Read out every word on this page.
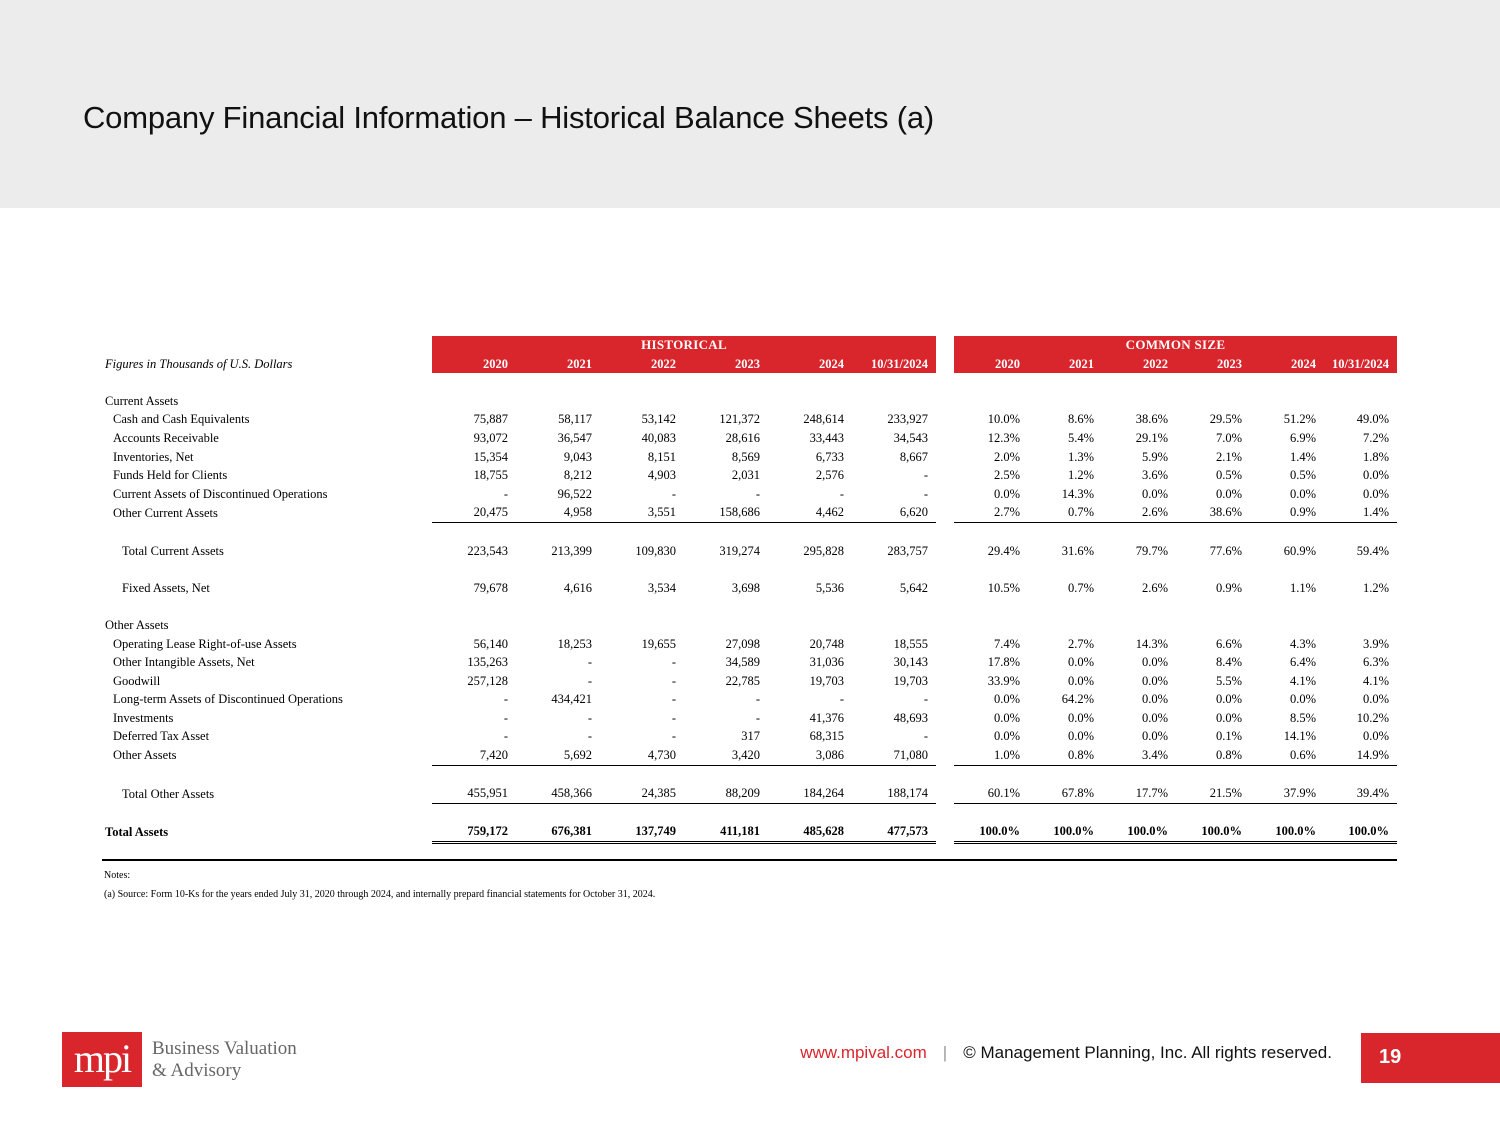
Company Financial Information – Historical Balance Sheets (a)
	HISTORICAL							COMMON SIZE					
Figures in Thousands of U.S. Dollars	2020	2021	2022	2023	2024	10/31/2024		2020	2021	2022	2023	2024	10/31/2024

Current Assets													
Cash and Cash Equivalents	75,887	58,117	53,142	121,372	248,614	233,927		10.0%	8.6%	38.6%	29.5%	51.2%	49.0%
Accounts Receivable	93,072	36,547	40,083	28,616	33,443	34,543		12.3%	5.4%	29.1%	7.0%	6.9%	7.2%
Inventories, Net	15,354	9,043	8,151	8,569	6,733	8,667		2.0%	1.3%	5.9%	2.1%	1.4%	1.8%
Funds Held for Clients	18,755	8,212	4,903	2,031	2,576	-		2.5%	1.2%	3.6%	0.5%	0.5%	0.0%
Current Assets of Discontinued Operations	-	96,522	-	-	-	-		0.0%	14.3%	0.0%	0.0%	0.0%	0.0%
Other Current Assets	20,475	4,958	3,551	158,686	4,462	6,620		2.7%	0.7%	2.6%	38.6%	0.9%	1.4%

Total Current Assets	223,543	213,399	109,830	319,274	295,828	283,757		29.4%	31.6%	79.7%	77.6%	60.9%	59.4%

Fixed Assets, Net	79,678	4,616	3,534	3,698	5,536	5,642		10.5%	0.7%	2.6%	0.9%	1.1%	1.2%

Other Assets													
Operating Lease Right-of-use Assets	56,140	18,253	19,655	27,098	20,748	18,555		7.4%	2.7%	14.3%	6.6%	4.3%	3.9%
Other Intangible Assets, Net	135,263	-	-	34,589	31,036	30,143		17.8%	0.0%	0.0%	8.4%	6.4%	6.3%
Goodwill	257,128	-	-	22,785	19,703	19,703		33.9%	0.0%	0.0%	5.5%	4.1%	4.1%
Long-term Assets of Discontinued Operations	-	434,421	-	-	-	-		0.0%	64.2%	0.0%	0.0%	0.0%	0.0%
Investments	-	-	-	-	41,376	48,693		0.0%	0.0%	0.0%	0.0%	8.5%	10.2%
Deferred Tax Asset	-	-	-	317	68,315	-		0.0%	0.0%	0.0%	0.1%	14.1%	0.0%
Other Assets	7,420	5,692	4,730	3,420	3,086	71,080		1.0%	0.8%	3.4%	0.8%	0.6%	14.9%

Total Other Assets	455,951	458,366	24,385	88,209	184,264	188,174		60.1%	67.8%	17.7%	21.5%	37.9%	39.4%

Total Assets	759,172	676,381	137,749	411,181	485,628	477,573		100.0%	100.0%	100.0%	100.0%	100.0%	100.0%
Notes:
(a) Source: Form 10-Ks for the years ended July 31, 2020 through 2024, and internally prepard financial statements for October 31, 2024.
mpi	Business Valuation
& Advisory
www.mpival.com | © Management Planning, Inc. All rights reserved.	19
